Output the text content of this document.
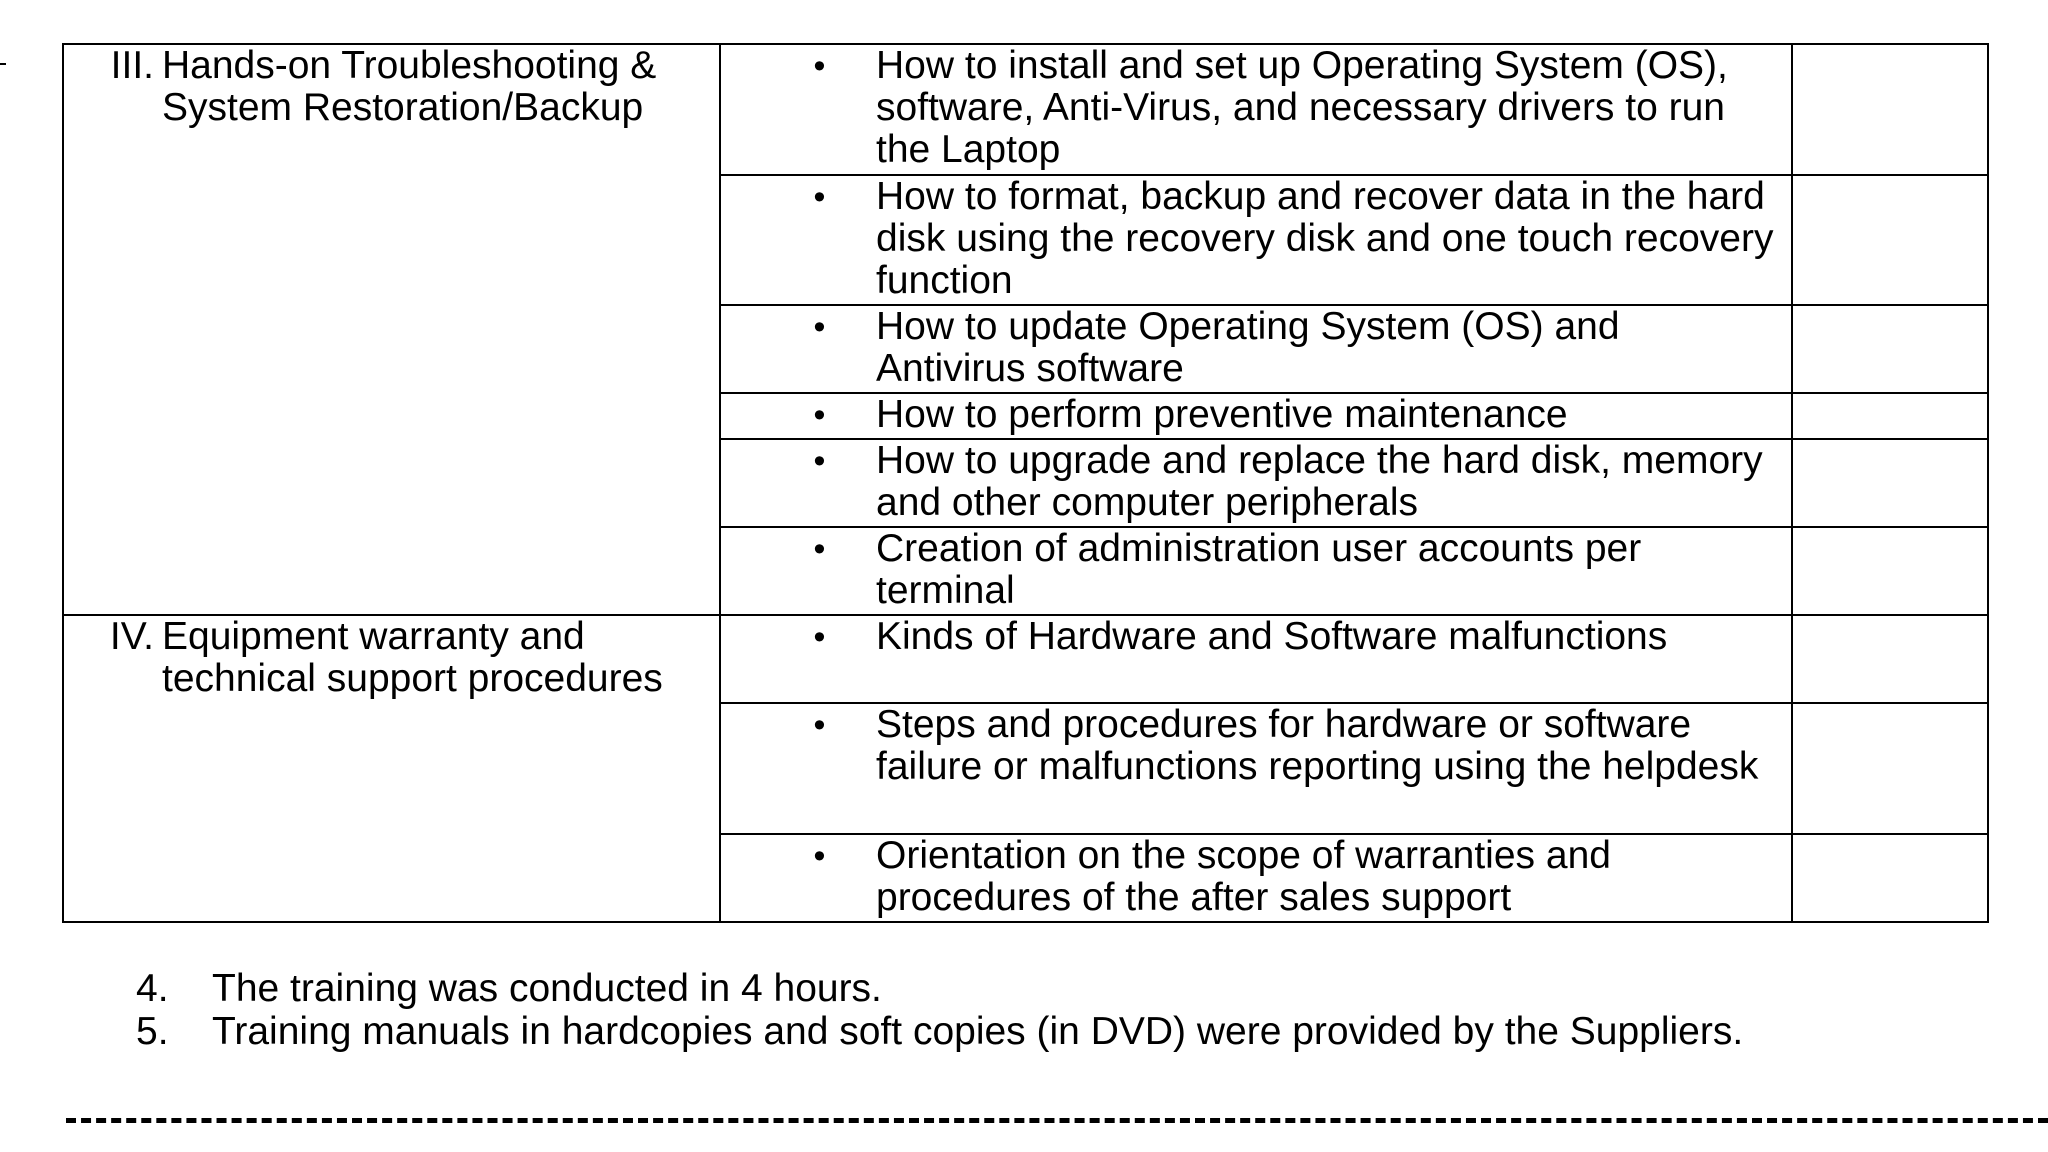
III. Hands-on Troubleshooting & System Restoration/Backup	• How to install and set up Operating System (OS), software, Anti-Virus, and necessary drivers to run the Laptop	

	• How to format, backup and recover data in the hard disk using the recovery disk and one touch recovery function	

	• How to update Operating System (OS) and Antivirus software	

	• How to perform preventive maintenance	

	• How to upgrade and replace the hard disk, memory and other computer peripherals	

	• Creation of administration user accounts per terminal	

IV. Equipment warranty and technical support procedures	• Kinds of Hardware and Software malfunctions	

	• Steps and procedures for hardware or software failure or malfunctions reporting using the helpdesk	

	• Orientation on the scope of warranties and procedures of the after sales support	

4.	The training was conducted in 4 hours.
5.	Training manuals in hardcopies and soft copies (in DVD) were provided by the Suppliers.
